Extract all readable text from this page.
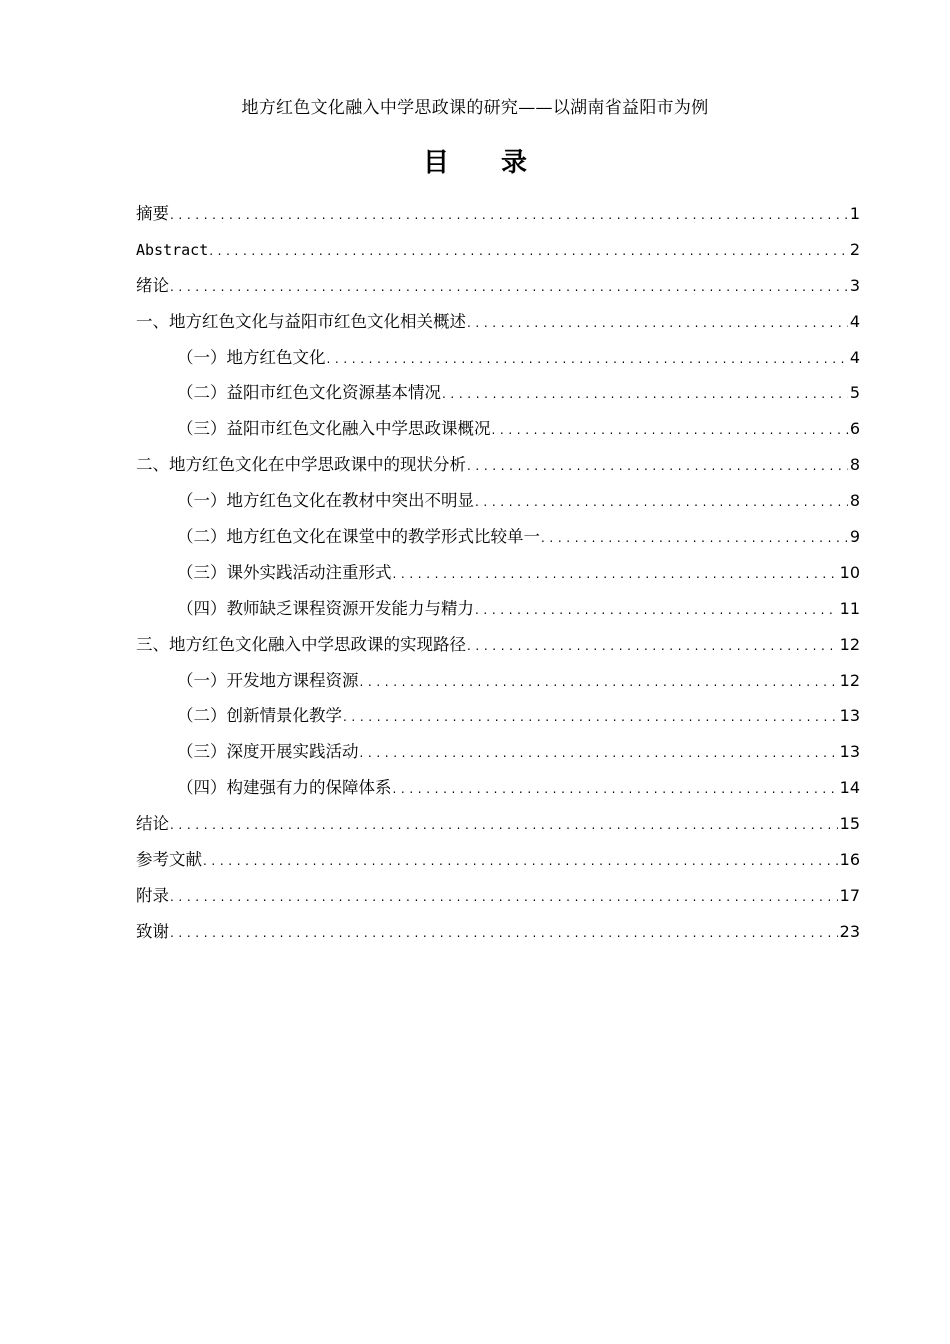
地方红色文化融入中学思政课的研究——以湖南省益阳市为例
目 录
摘要 . . .	1
Abstract . . .	2
绪论 . . .	3
一、地方红色文化与益阳市红色文化相关概述 . . .	4
（一）地方红色文化 . . .	4
（二）益阳市红色文化资源基本情况 . . .	5
（三）益阳市红色文化融入中学思政课概况 . . .	6
二、地方红色文化在中学思政课中的现状分析 . . .	8
（一）地方红色文化在教材中突出不明显 . . .	8
（二）地方红色文化在课堂中的教学形式比较单一 . . .	9
（三）课外实践活动注重形式 . . .	10
（四）教师缺乏课程资源开发能力与精力 . . .	11
三、地方红色文化融入中学思政课的实现路径 . . .	12
（一）开发地方课程资源 . . .	12
（二）创新情景化教学 . . .	13
（三）深度开展实践活动 . . .	13
（四）构建强有力的保障体系 . . .	14
结论 . . .	15
参考文献 . . .	16
附录 . . .	17
致谢 . . .	23
